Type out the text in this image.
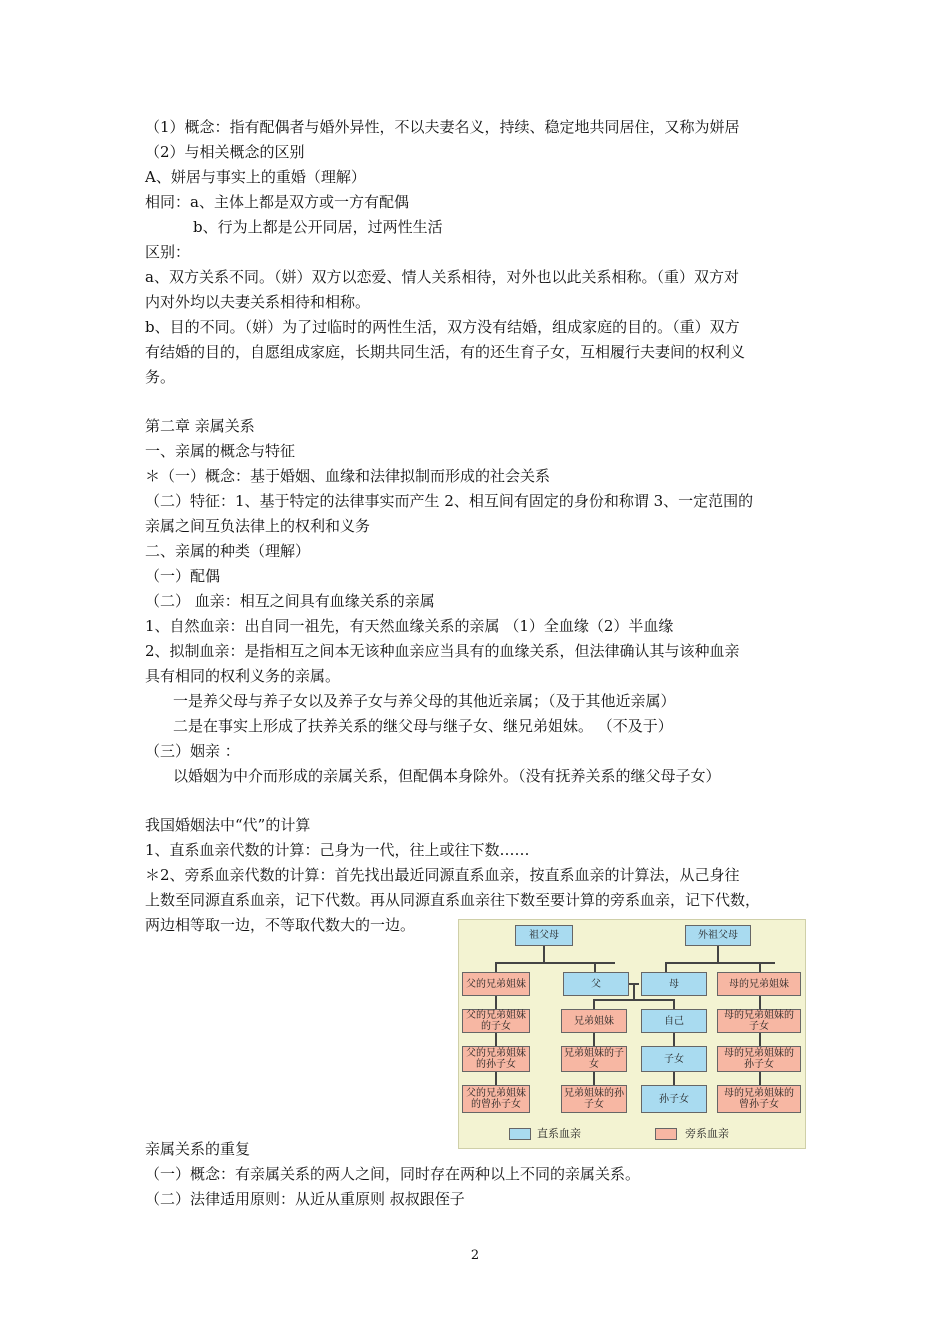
（1）概念：指有配偶者与婚外异性，不以夫妻名义，持续、稳定地共同居住，又称为姘居
（2）与相关概念的区别
A、姘居与事实上的重婚（理解）
相同：a、主体上都是双方或一方有配偶
b、行为上都是公开同居，过两性生活
区别：
a、双方关系不同。（姘）双方以恋爱、情人关系相待，对外也以此关系相称。（重）双方对
内对外均以夫妻关系相待和相称。
b、目的不同。（姘）为了过临时的两性生活，双方没有结婚，组成家庭的目的。（重）双方
有结婚的目的，自愿组成家庭，长期共同生活，有的还生育子女，互相履行夫妻间的权利义
务。
第二章 亲属关系
一、亲属的概念与特征
＊（一）概念：基于婚姻、血缘和法律拟制而形成的社会关系
（二）特征：1、基于特定的法律事实而产生 2、相互间有固定的身份和称谓 3、一定范围的
亲属之间互负法律上的权利和义务
二、亲属的种类（理解）
（一）配偶
（二） 血亲：相互之间具有血缘关系的亲属
1、自然血亲：出自同一祖先，有天然血缘关系的亲属 （1）全血缘（2）半血缘
2、拟制血亲：是指相互之间本无该种血亲应当具有的血缘关系，但法律确认其与该种血亲
具有相同的权利义务的亲属。
一是养父母与养子女以及养子女与养父母的其他近亲属；（及于其他近亲属）
二是在事实上形成了扶养关系的继父母与继子女、继兄弟姐妹。 （不及于）
（三）姻亲 ：
以婚姻为中介而形成的亲属关系，但配偶本身除外。（没有抚养关系的继父母子女）
我国婚姻法中“代”的计算
1、直系血亲代数的计算：己身为一代，往上或往下数……
＊2、旁系血亲代数的计算：首先找出最近同源直系血亲，按直系血亲的计算法，从己身往
上数至同源直系血亲，记下代数。再从同源直系血亲往下数至要计算的旁系血亲，记下代数，
两边相等取一边，不等取代数大的一边。
亲属关系的重复
（一）概念：有亲属关系的两人之间，同时存在两种以上不同的亲属关系。
（二）法律适用原则：从近从重原则 叔叔跟侄子
祖父母	外祖父母
父的兄弟姐妹	父	母	母的兄弟姐妹
父的兄弟姐妹的子女	兄弟姐妹	自己	母的兄弟姐妹的子女
父的兄弟姐妹的孙子女
兄弟姐妹的子女	子女	母的兄弟姐妹的孙子女
父的兄弟姐妹的曾孙子女
兄弟姐妹的孙子女	孙子女	母的兄弟姐妹的曾孙子女
直系血亲	旁系血亲
2
